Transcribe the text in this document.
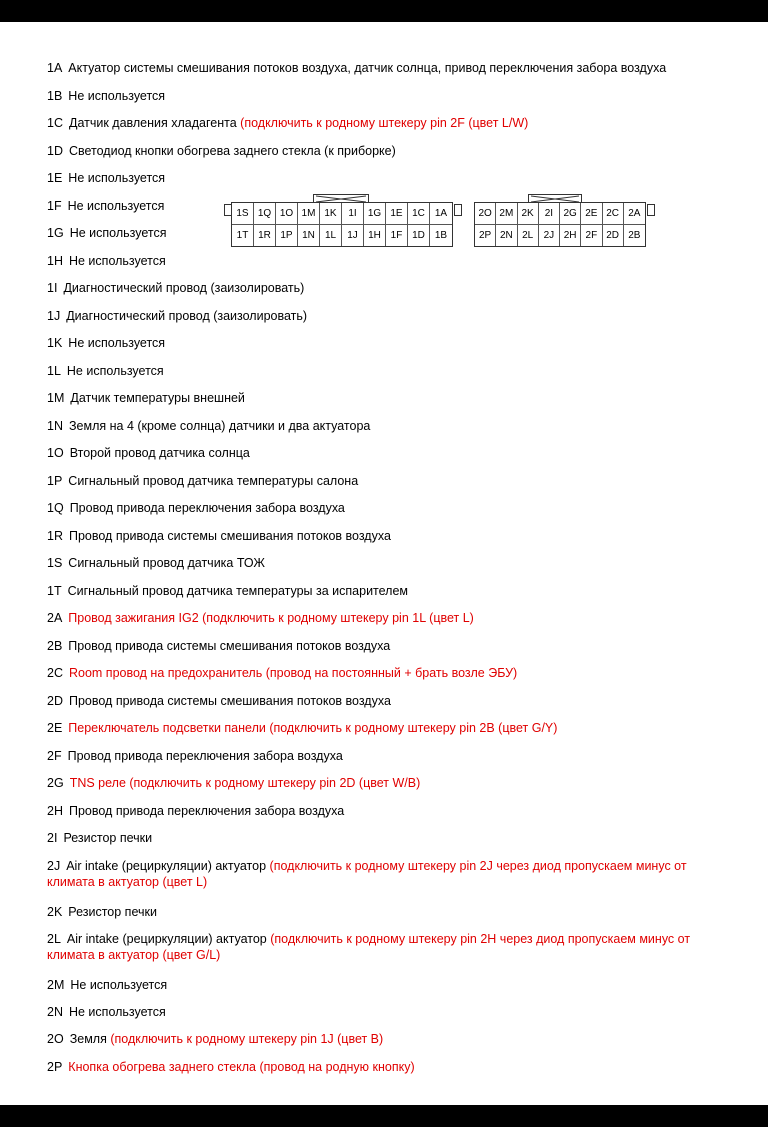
1A Актуатор системы смешивания потоков воздуха, датчик солнца, привод переключения забора воздуха
1B Не используется
1C Датчик давления хладагента (подключить к родному штекеру pin 2F (цвет L/W)
1D Светодиод кнопки обогрева заднего стекла (к приборке)
1E Не используется
1F Не используется
1G Не используется
1H Не используется
1I Диагностический провод (заизолировать)
1J Диагностический провод (заизолировать)
1K Не используется
1L Не используется
1M Датчик температуры внешней
1N Земля на 4 (кроме солнца) датчики и два актуатора
1O Второй провод датчика солнца
1P Сигнальный провод датчика температуры салона
1Q Провод привода переключения забора воздуха
1R Провод привода системы смешивания потоков воздуха
1S Сигнальный провод датчика ТОЖ
1T Сигнальный провод датчика температуры за испарителем
2A Провод зажигания IG2 (подключить к родному штекеру pin 1L (цвет L)
2B Провод привода системы смешивания потоков воздуха
2C Room провод на предохранитель (провод на постоянный + брать возле ЭБУ)
2D Провод привода системы смешивания потоков воздуха
2E Переключатель подсветки панели (подключить к родному штекеру pin 2B (цвет G/Y)
2F Провод привода переключения забора воздуха
2G TNS реле (подключить к родному штекеру pin 2D (цвет W/B)
2H Провод привода переключения забора воздуха
2I Резистор печки
2J Air intake (рециркуляции) актуатор (подключить к родному штекеру pin 2J через диод пропускаем минус от климата в актуатор (цвет L)
2K Резистор печки
2L Air intake (рециркуляции) актуатор (подключить к родному штекеру pin 2H через диод пропускаем минус от климата в актуатор (цвет G/L)
2M Не используется
2N Не используется
2O Земля (подключить к родному штекеру pin 1J (цвет B)
2P Кнопка обогрева заднего стекла (провод на родную кнопку)
1S 1Q 1O 1M 1K	1I	1G 1E 1C 1A
1T 1R 1P 1N	1L	1J	1H 1F 1D 1B
2O 2M 2K	2I	2G 2E 2C 2A
2P 2N 2L	2J 2H 2F 2D 2B
